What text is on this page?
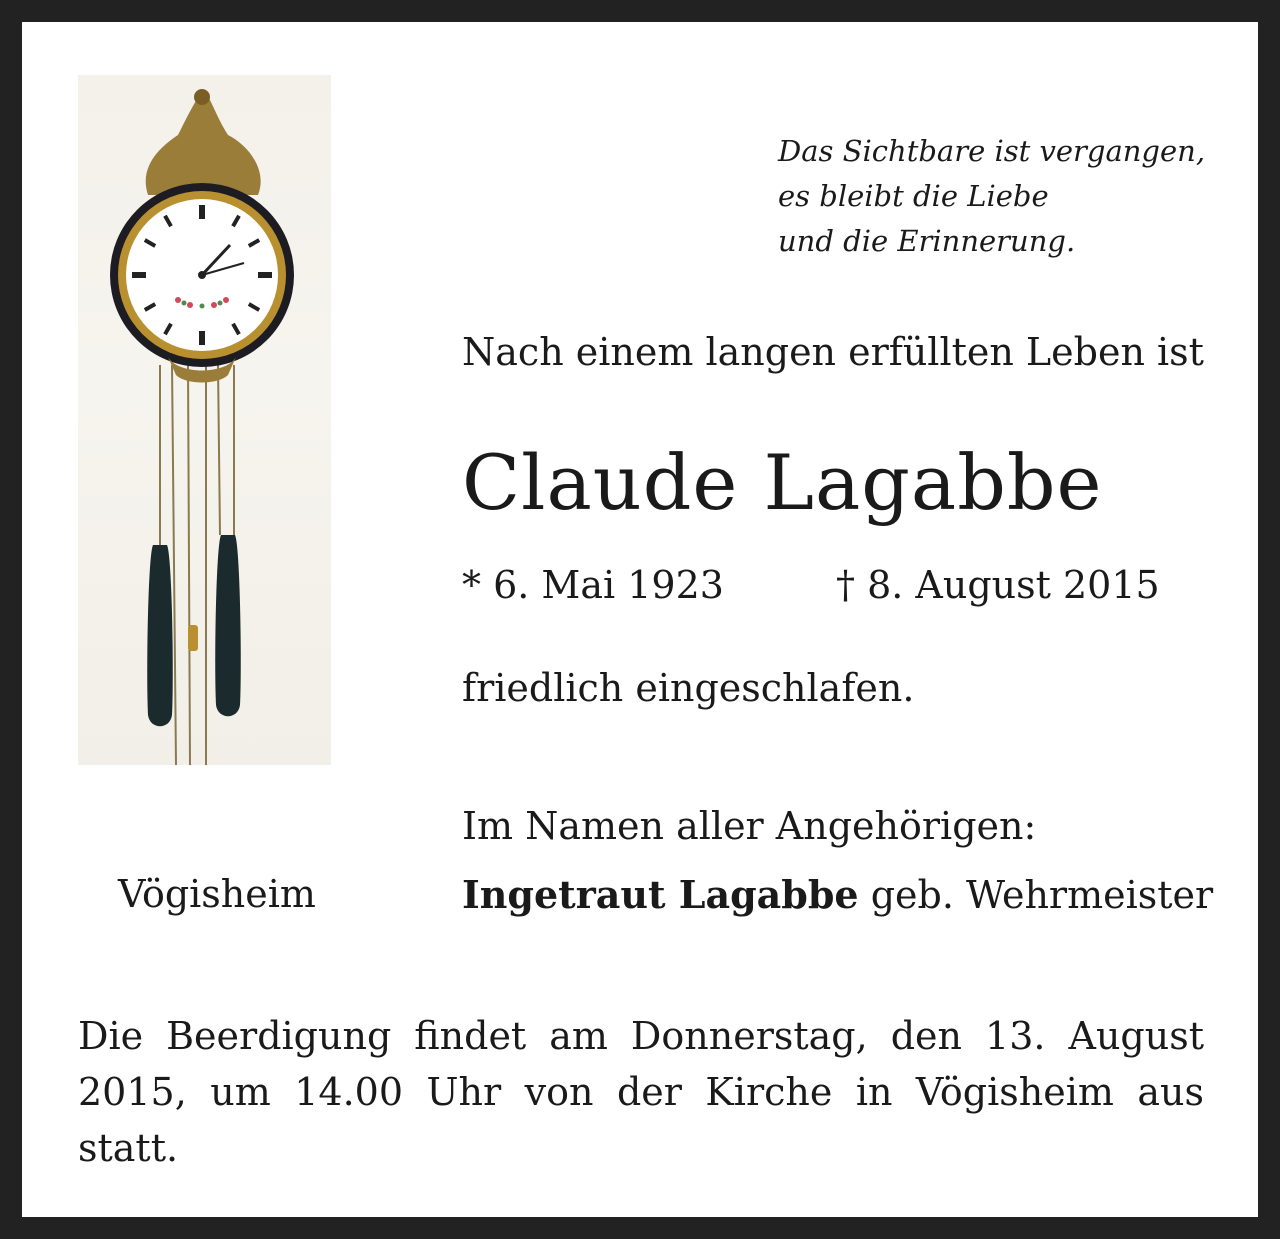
Das Sichtbare ist vergangen,
es bleibt die Liebe
und die Erinnerung.
Nach einem langen erfüllten Leben ist
Claude Lagabbe
* 6. Mai 1923	† 8. August 2015
friedlich eingeschlafen.
Im Namen aller Angehörigen:
Vögisheim	Ingetraut Lagabbe geb. Wehrmeister
Die Beerdigung findet am Donnerstag, den 13. August 2015, um 14.00 Uhr von der Kirche in Vögisheim aus statt.
